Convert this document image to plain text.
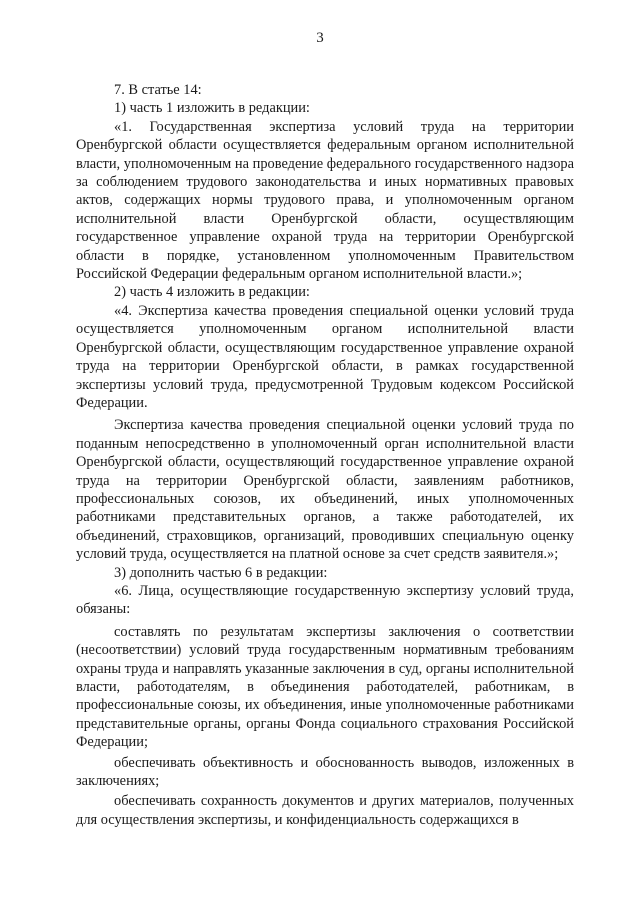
3

7. В статье 14:

1) часть 1 изложить в редакции:

«1. Государственная экспертиза условий труда на территории Оренбургской области осуществляется федеральным органом исполнительной власти, уполномоченным на проведение федерального государственного надзора за соблюдением трудового законодательства и иных нормативных правовых актов, содержащих нормы трудового права, и уполномоченным органом исполнительной власти Оренбургской области, осуществляющим государственное управление охраной труда на территории Оренбургской области в порядке, установленном уполномоченным Правительством Российской Федерации федеральным органом исполнительной власти.»;

2) часть 4 изложить в редакции:

«4. Экспертиза качества проведения специальной оценки условий труда осуществляется уполномоченным органом исполнительной власти Оренбургской области, осуществляющим государственное управление охраной труда на территории Оренбургской области, в рамках государственной экспертизы условий труда, предусмотренной Трудовым кодексом Российской Федерации.

Экспертиза качества проведения специальной оценки условий труда по поданным непосредственно в уполномоченный орган исполнительной власти Оренбургской области, осуществляющий государственное управление охраной труда на территории Оренбургской области, заявлениям работников, профессиональных союзов, их объединений, иных уполномоченных работниками представительных органов, а также работодателей, их объединений, страховщиков, организаций, проводивших специальную оценку условий труда, осуществляется на платной основе за счет средств заявителя.»;

3) дополнить частью 6 в редакции:

«6. Лица, осуществляющие государственную экспертизу условий труда, обязаны:

составлять по результатам экспертизы заключения о соответствии (несоответствии) условий труда государственным нормативным требованиям охраны труда и направлять указанные заключения в суд, органы исполнительной власти, работодателям, в объединения работодателей, работникам, в профессиональные союзы, их объединения, иные уполномоченные работниками представительные органы, органы Фонда социального страхования Российской Федерации;

обеспечивать объективность и обоснованность выводов, изложенных в заключениях;

обеспечивать сохранность документов и других материалов, полученных для осуществления экспертизы, и конфиденциальность содержащихся в
